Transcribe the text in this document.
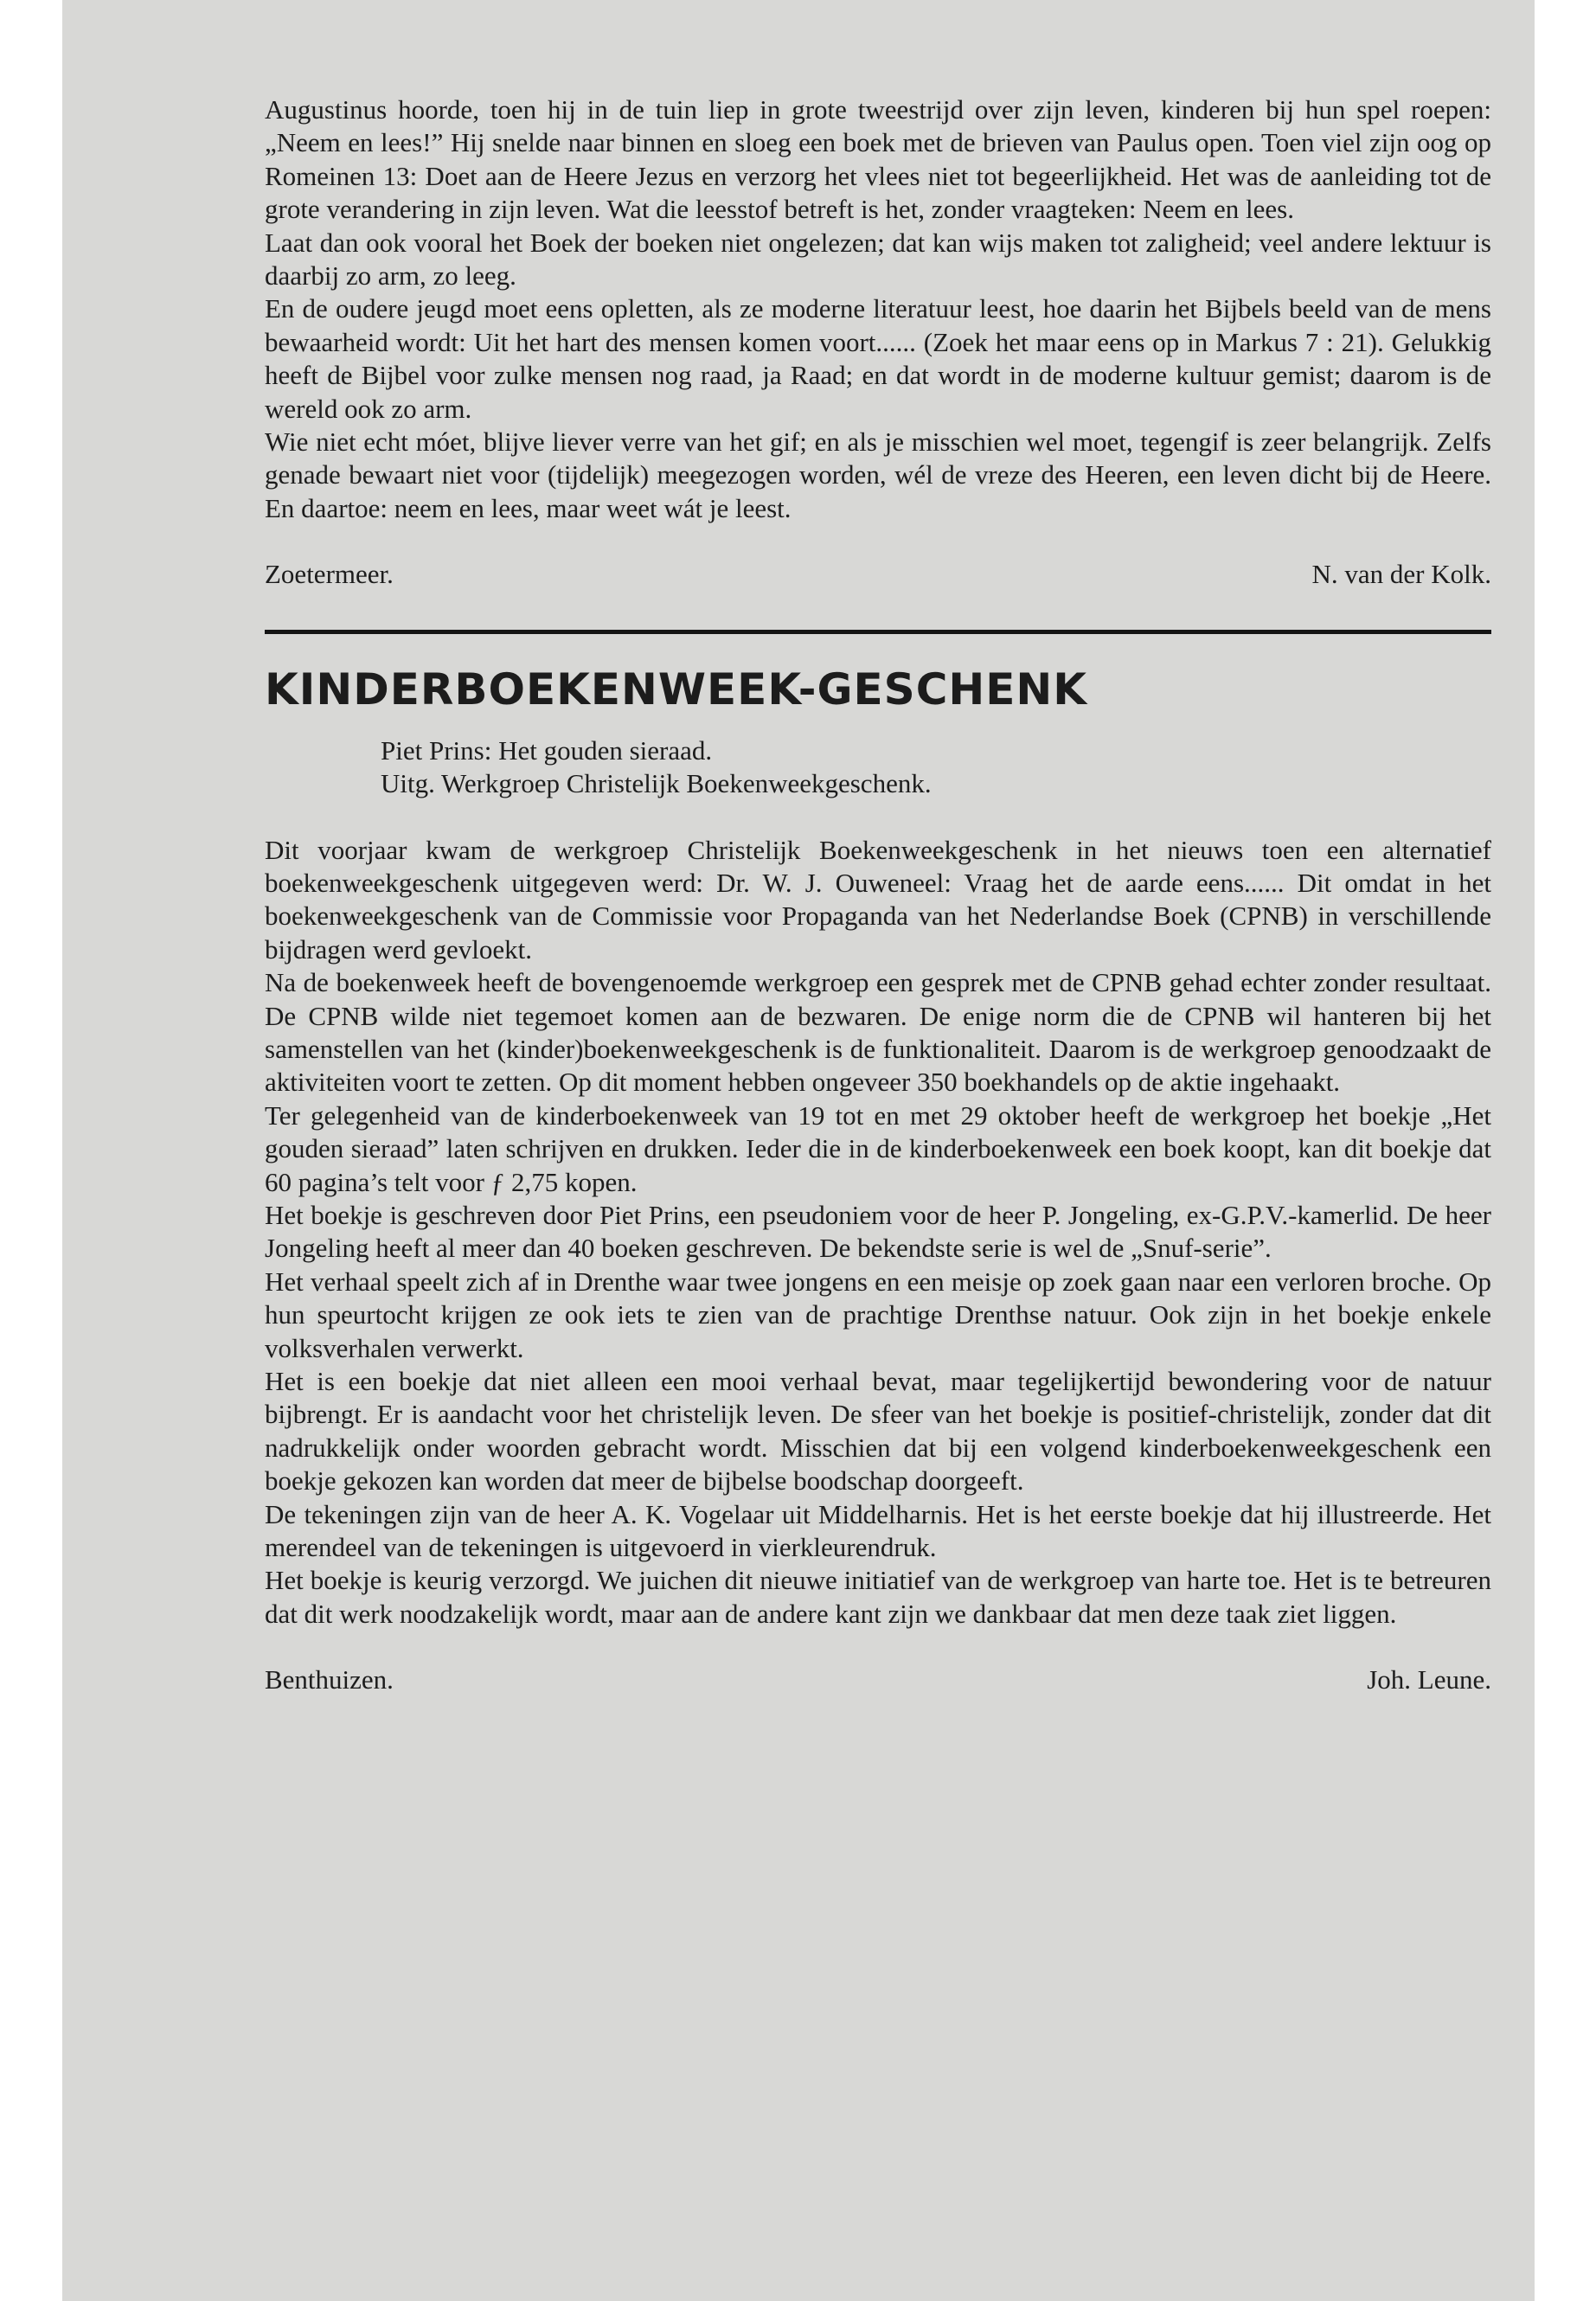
Augustinus hoorde, toen hij in de tuin liep in grote tweestrijd over zijn leven, kinderen bij hun spel roepen: „Neem en lees!” Hij snelde naar binnen en sloeg een boek met de brieven van Paulus open. Toen viel zijn oog op Romeinen 13: Doet aan de Heere Jezus en verzorg het vlees niet tot begeerlijkheid. Het was de aanleiding tot de grote verandering in zijn leven. Wat die leesstof betreft is het, zonder vraagteken: Neem en lees.

Laat dan ook vooral het Boek der boeken niet ongelezen; dat kan wijs maken tot zaligheid; veel andere lektuur is daarbij zo arm, zo leeg.

En de oudere jeugd moet eens opletten, als ze moderne literatuur leest, hoe daarin het Bijbels beeld van de mens bewaarheid wordt: Uit het hart des mensen komen voort...... (Zoek het maar eens op in Markus 7 : 21). Gelukkig heeft de Bijbel voor zulke mensen nog raad, ja Raad; en dat wordt in de moderne kultuur gemist; daarom is de wereld ook zo arm.

Wie niet echt móet, blijve liever verre van het gif; en als je misschien wel moet, tegengif is zeer belangrijk. Zelfs genade bewaart niet voor (tijdelijk) meegezogen worden, wél de vreze des Heeren, een leven dicht bij de Heere. En daartoe: neem en lees, maar weet wát je leest.

Zoetermeer.	N. van der Kolk.
KINDERBOEKENWEEK-GESCHENK
Piet Prins: Het gouden sieraad.
Uitg. Werkgroep Christelijk Boekenweekgeschenk.

Dit voorjaar kwam de werkgroep Christelijk Boekenweekgeschenk in het nieuws toen een alternatief boekenweekgeschenk uitgegeven werd: Dr. W. J. Ouweneel: Vraag het de aarde eens...... Dit omdat in het boekenweekgeschenk van de Commissie voor Propaganda van het Nederlandse Boek (CPNB) in verschillende bijdragen werd gevloekt.

Na de boekenweek heeft de bovengenoemde werkgroep een gesprek met de CPNB gehad echter zonder resultaat. De CPNB wilde niet tegemoet komen aan de bezwaren. De enige norm die de CPNB wil hanteren bij het samenstellen van het (kinder)boekenweekgeschenk is de funktionaliteit. Daarom is de werkgroep genoodzaakt de aktiviteiten voort te zetten. Op dit moment hebben ongeveer 350 boekhandels op de aktie ingehaakt.

Ter gelegenheid van de kinderboekenweek van 19 tot en met 29 oktober heeft de werkgroep het boekje „Het gouden sieraad” laten schrijven en drukken. Ieder die in de kinderboekenweek een boek koopt, kan dit boekje dat 60 pagina’s telt voor ƒ 2,75 kopen.

Het boekje is geschreven door Piet Prins, een pseudoniem voor de heer P. Jongeling, ex-G.P.V.-kamerlid. De heer Jongeling heeft al meer dan 40 boeken geschreven. De bekendste serie is wel de „Snuf-serie”.

Het verhaal speelt zich af in Drenthe waar twee jongens en een meisje op zoek gaan naar een verloren broche. Op hun speurtocht krijgen ze ook iets te zien van de prachtige Drenthse natuur. Ook zijn in het boekje enkele volksverhalen verwerkt.

Het is een boekje dat niet alleen een mooi verhaal bevat, maar tegelijkertijd bewondering voor de natuur bijbrengt. Er is aandacht voor het christelijk leven. De sfeer van het boekje is positief-christelijk, zonder dat dit nadrukkelijk onder woorden gebracht wordt. Misschien dat bij een volgend kinderboekenweekgeschenk een boekje gekozen kan worden dat meer de bijbelse boodschap doorgeeft.

De tekeningen zijn van de heer A. K. Vogelaar uit Middelharnis. Het is het eerste boekje dat hij illustreerde. Het merendeel van de tekeningen is uitgevoerd in vierkleurendruk.

Het boekje is keurig verzorgd. We juichen dit nieuwe initiatief van de werkgroep van harte toe. Het is te betreuren dat dit werk noodzakelijk wordt, maar aan de andere kant zijn we dankbaar dat men deze taak ziet liggen.

Benthuizen.	Joh. Leune.
